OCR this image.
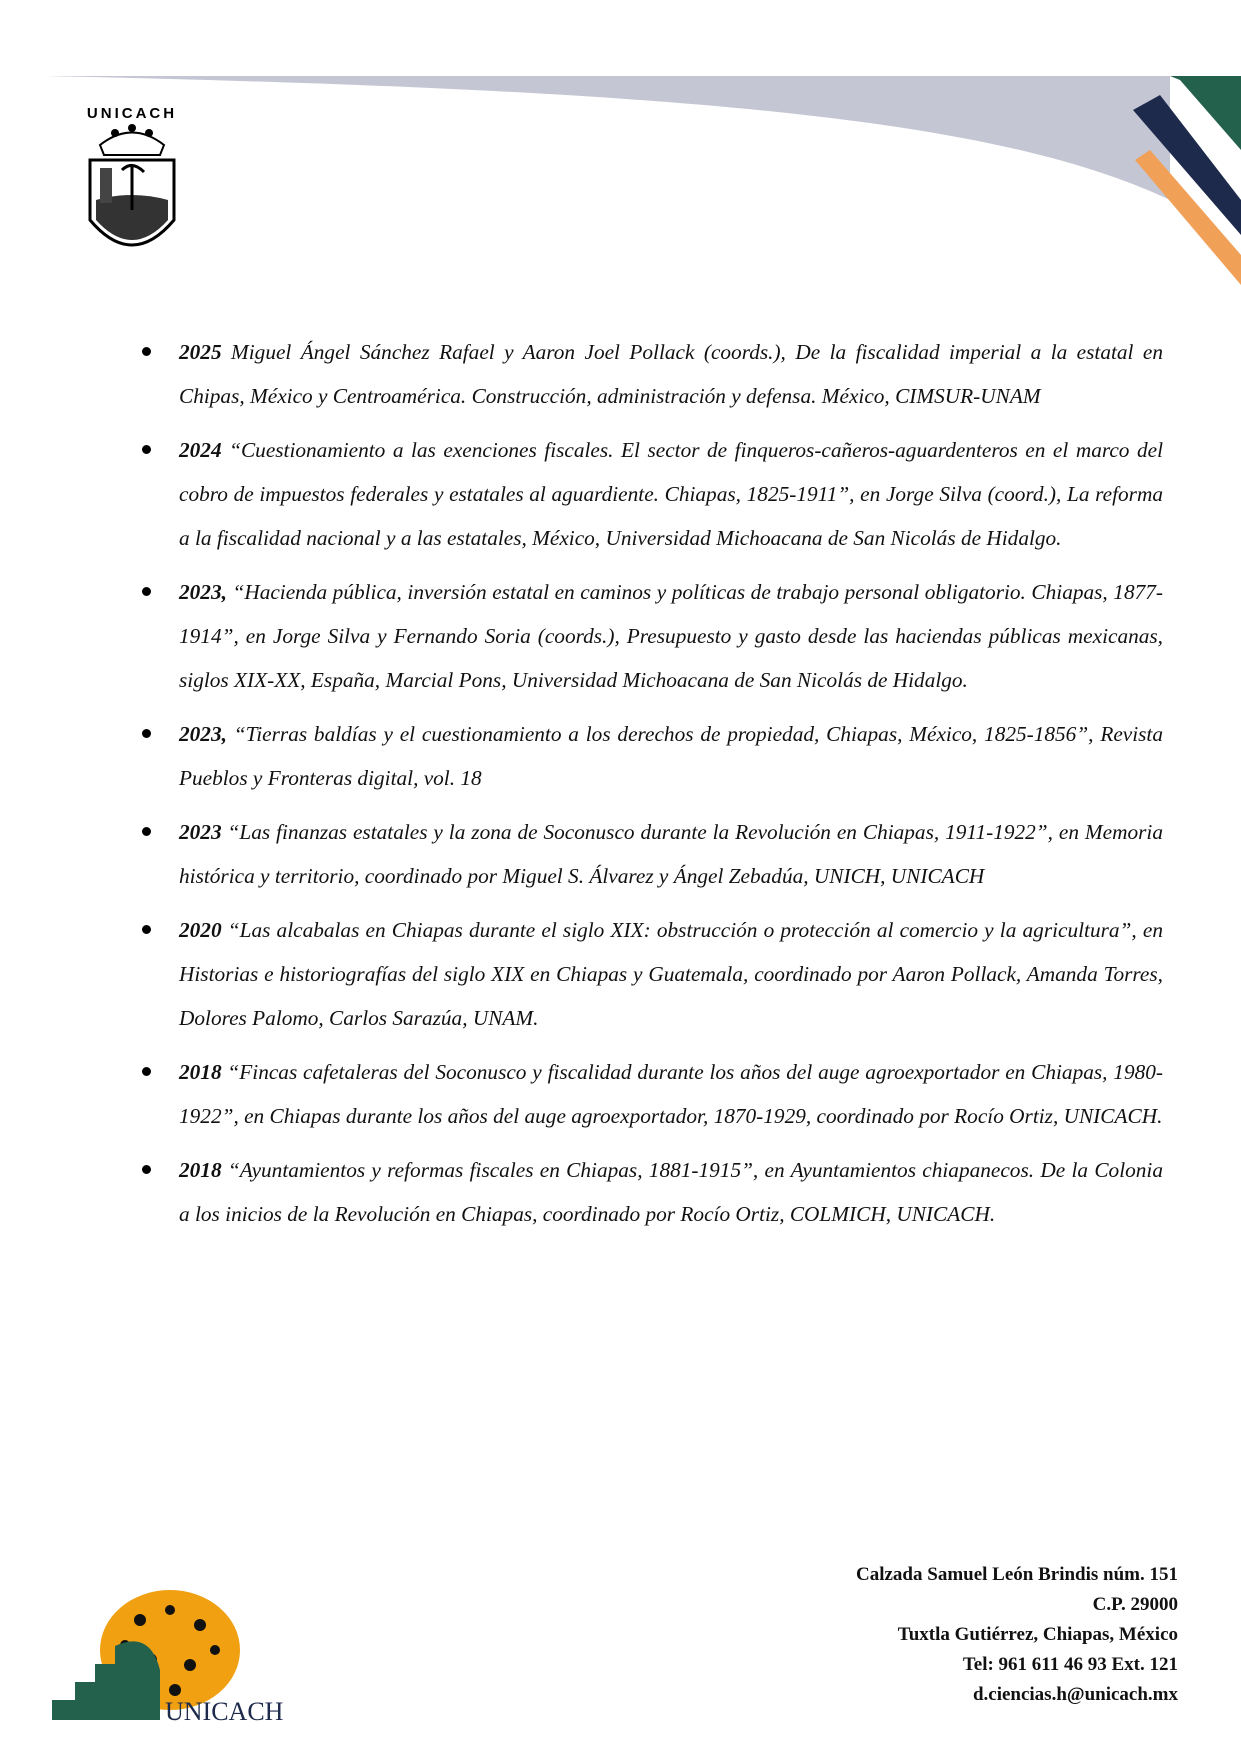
UNICACH
2025 Miguel Ángel Sánchez Rafael y Aaron Joel Pollack (coords.), De la fiscalidad imperial a la estatal en Chipas, México y Centroamérica. Construcción, administración y defensa. México, CIMSUR-UNAM
2024 “Cuestionamiento a las exenciones fiscales. El sector de finqueros-cañeros-aguardenteros en el marco del cobro de impuestos federales y estatales al aguardiente. Chiapas, 1825-1911”, en Jorge Silva (coord.), La reforma a la fiscalidad nacional y a las estatales, México, Universidad Michoacana de San Nicolás de Hidalgo.
2023, “Hacienda pública, inversión estatal en caminos y políticas de trabajo personal obligatorio. Chiapas, 1877-1914”, en Jorge Silva y Fernando Soria (coords.), Presupuesto y gasto desde las haciendas públicas mexicanas, siglos XIX-XX, España, Marcial Pons, Universidad Michoacana de San Nicolás de Hidalgo.
2023, “Tierras baldías y el cuestionamiento a los derechos de propiedad, Chiapas, México, 1825-1856”, Revista Pueblos y Fronteras digital, vol. 18
2023 “Las finanzas estatales y la zona de Soconusco durante la Revolución en Chiapas, 1911-1922”, en Memoria histórica y territorio, coordinado por Miguel S. Álvarez y Ángel Zebadúa, UNICH, UNICACH
2020 “Las alcabalas en Chiapas durante el siglo XIX: obstrucción o protección al comercio y la agricultura”, en Historias e historiografías del siglo XIX en Chiapas y Guatemala, coordinado por Aaron Pollack, Amanda Torres, Dolores Palomo, Carlos Sarazúa, UNAM.
2018 “Fincas cafetaleras del Soconusco y fiscalidad durante los años del auge agroexportador en Chiapas, 1980-1922”, en Chiapas durante los años del auge agroexportador, 1870-1929, coordinado por Rocío Ortiz, UNICACH.
2018 “Ayuntamientos y reformas fiscales en Chiapas, 1881-1915”, en Ayuntamientos chiapanecos. De la Colonia a los inicios de la Revolución en Chiapas, coordinado por Rocío Ortiz, COLMICH, UNICACH.
Calzada Samuel León Brindis núm. 151
C.P. 29000
Tuxtla Gutiérrez, Chiapas, México
Tel: 961 611 46 93 Ext. 121
d.ciencias.h@unicach.mx
UNICACH
